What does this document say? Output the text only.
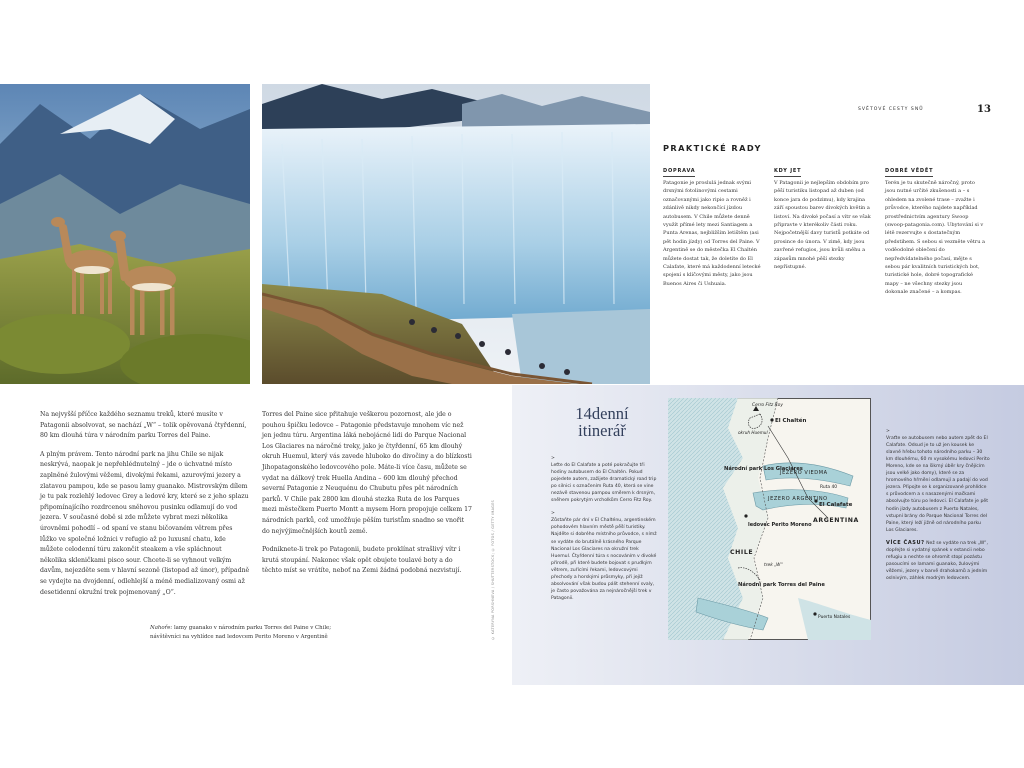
SVĚTOVÉ CESTY SNŮ	13
PRAKTICKÉ RADY
DOPRAVA
Patagonie je proslulá jednak svými drsnými fotolinovými cestami označovanými jako ripio a rovněž i zdánlivě nikdy nekončící jízdou autobusem. V Chile můžete denně využít přímé lety mezi Santiagem a Punta Arenas, nejbližším letištěm (asi pět hodin jízdy) od Torres del Paine. V Argentině se do městečka El Chaltén můžete dostat tak, že doletíte do El Calafate, které má každodenní letecké spojení s klíčovými městy, jako jsou Buenos Aires či Ushuaia.
KDY JET
V Patagonii je nejlepším obdobím pro pěší turistiku listopad až duben (od konce jara do podzimu), kdy krajina září spoustou barev divokých květin a listoví. Na divoké počasí a vítr se však připravte v kterékoliv části roku. Nejpočetnější davy turistů potkáte od prosince do února. V zimě, kdy jsou zavřené refugios, jsou kvůli sněhu a zápasům mnohé pěší stezky nepřístupné.
DOBRÉ VĚDĚT
Terén je tu skutečně náročný, proto jsou nutné určité zkušenosti a – s ohledem na zvolené trase – zvažte i průvodce, kterého najdete například prostřednictvím agentury Swoop (swoop-patagonia.com). Ubytování si v létě rezervujte s dostatečným předstihem. S sebou si vezměte větru a voděodolné oblečení do nepředvídatelného počasí, mějte s sebou pár kvalitních turistických bot, turistické hole, dobré topografické mapy – ne všechny stezky jsou dokonale značené – a kompas.

Na nejvyšší příčce každého seznamu treků, které musíte v Patagonii absolvovat, se nachází „W“ – tolik opěvovaná čtyřdenní, 80 km dlouhá túra v národním parku Torres del Paine.

A plným právem. Tento národní park na jihu Chile se nijak neskrývá, naopak je nepřehlédnutelný – jde o úchvatné místo zaplněné žulovými věžemi, divokými řekami, azurovými jezery a zlatavou pampou, kde se pasou lamy guanako. Mistrovským dílem je tu pak rozlehlý ledovec Grey a ledové kry, které se z jeho splazu připomínajícího rozdrcenou sněhovou pusinku odlamují do vod jezera. V současné době si zde můžete vybrat mezi několika úrovněmi pohodlí – od spaní ve stanu bičovaném větrem přes lůžko ve společné ložnici v refugio až po luxusní chatu, kde můžete celodenní túru zakončit steakem a vše spláchnout několika skleničkami pisco sour. Chcete-li se vyhnout velkým davům, nejezděte sem v hlavní sezoně (listopad až únor), případně se vydejte na dvojdenní, odlehlejší a méně medializovaný osmi až desetidenní okružní trek pojmenovaný „O“.

Torres del Paine sice přitahuje veškerou pozornost, ale jde o pouhou špičku ledovce – Patagonie představuje mnohem víc než jen jednu túru. Argentina láká nebojácné lidi do Parque Nacional Los Glaciares na náročné treky, jako je čtyřdenní, 65 km dlouhý okruh Huemul, který vás zavede hluboko do divočiny a do blízkosti Jihopatagonského ledovcového pole. Máte-li více času, můžete se vydat na dálkový trek Huella Andina – 600 km dlouhý přechod severní Patagonie z Neuquénu do Chubutu přes pět národních parků. V Chile pak 2800 km dlouhá stezka Ruta de los Parques mezi městečkem Puerto Montt a mysem Horn propojuje celkem 17 národních parků, což umožňuje pěším turistům snadno se vnořit do nejvýjimečnějších koutů země.

Podniknete-li trek po Patagonii, budete proklínat strašlivý vítr i krutá stoupání. Nakonec však opět obujete toulavé boty a do těchto míst se vrátíte, neboť na Zemi žádná podobná nezvistují.

Nahoře: lamy guanako v národním parku Torres del Paine v Chile; návštěvníci na vyhlídce nad ledovcem Perito Moreno v Argentině	© KATERYNA PORSHNEVA / SHUTTERSTOCK; © FOTOS / GETTY IMAGES
14denní
itinerář
>

Leťte do El Calafate a poté pokračujte tři hodiny autobusem do El Chaltén. Pokud pojedete autem, zažijete dramatický road trip po silnici s označením Ruta 40, která se vine nezávě stavenou pampou směrem k drsným, sněhem pokrytým vrcholkům Cerro Fitz Roy.

>

Zůstaňte pár dní v El Chalténu, argentinském pohodovém hlavním městě pěší turistiky. Najděte si dobrého místního průvodce, s nímž se vydáte do brutálně krásného Parque Nacional Los Glaciares na okružní trek Huemul. Čtyřdenní túra s nocováním v divoké přírodě, při které budete bojovat s prudkým větrem, zuřícími řekami, ledovcovými přechody a horskými průsmyky, při jejíž absolvování však budou pálit stehenní svaly, je často považována za nejnáročnější trek v Patagonii.

>

Vraťte se autobusem nebo autem zpět do El Calafate. Odsud je to už jen kousek ke slavné hřebu tohoto národního parku – 30 km dlouhému, 60 m vysokému ledovci Perito Moreno, kde se na šikmý úběr kry čnějícím jsou velké jako domy), které se za hromového hřmění odlamují a padají do vod jezera. Připojte se k organizované prohlídce s průvodcem a s nasazenými mačkami absolvujte túru po ledovci. El Calafate je pět hodin jízdy autobusem z Puerto Natales, vstupní brány do Parque Nacional Torres del Paine, který leží jižně od národního parku Los Glaciares.

VÍCE ČASU? Než se vydáte na trek „W“, dopřejte si vydatný spánek v estancii nebo refugiu a nechte se ohromit stopí pozástu pasoucími se lamami guanako, žulovými věžemi, jezery v barvě drahokamů a jedním oslnivým, záhlek modrým ledovcem.

Cerro Fitz Roy
El Chaltén
okruh Huemul
JEZERO VIEDMA
Národní park Los Glaciares
Ruta 40
JEZERO ARGENTINO
El Calafate
ledovec Perito Moreno
ARGENTINA
CHILE
trek „W“
Národní park Torres del Paine
Puerto Natales
